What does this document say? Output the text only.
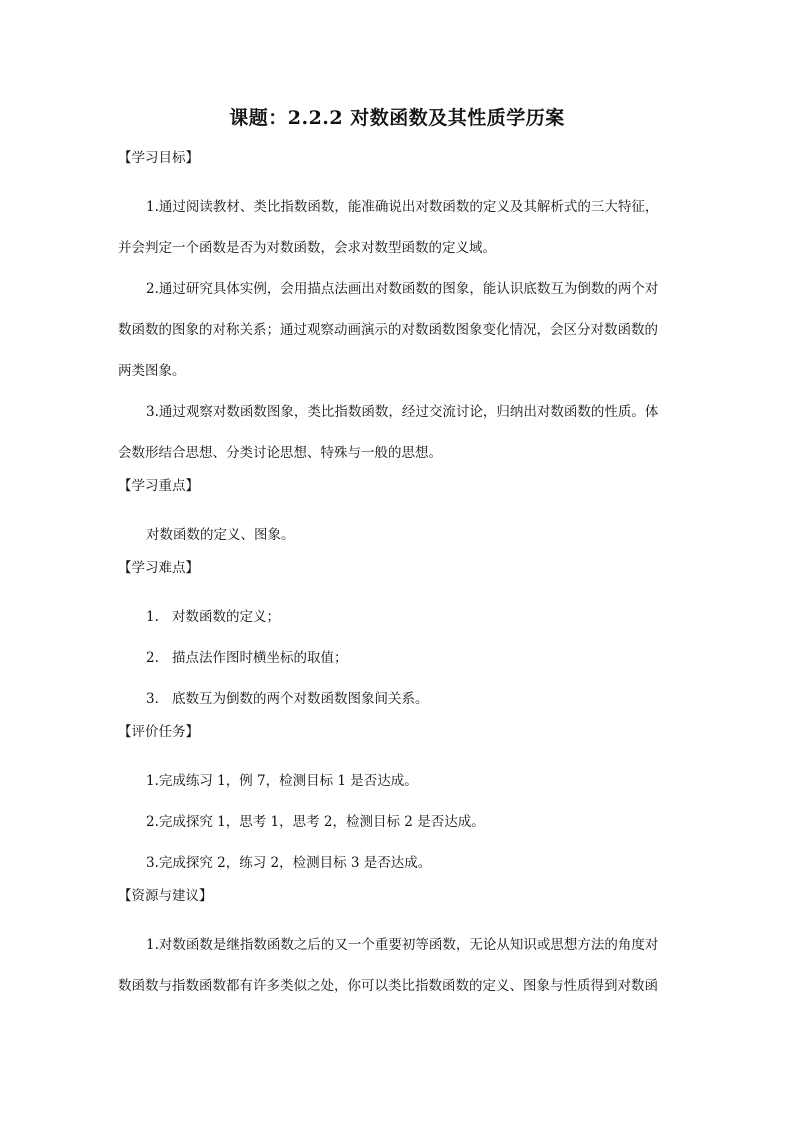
课题：2.2.2 对数函数及其性质学历案
【学习目标】
1.通过阅读教材、类比指数函数，能准确说出对数函数的定义及其解析式的三大特征，
并会判定一个函数是否为对数函数，会求对数型函数的定义域。
2.通过研究具体实例，会用描点法画出对数函数的图象，能认识底数互为倒数的两个对
数函数的图象的对称关系；通过观察动画演示的对数函数图象变化情况，会区分对数函数的
两类图象。
3.通过观察对数函数图象，类比指数函数，经过交流讨论，归纳出对数函数的性质。体
会数形结合思想、分类讨论思想、特殊与一般的思想。
【学习重点】
对数函数的定义、图象。
【学习难点】
1. 对数函数的定义；
2. 描点法作图时横坐标的取值；
3. 底数互为倒数的两个对数函数图象间关系。
【评价任务】
1.完成练习 1，例 7，检测目标 1 是否达成。
2.完成探究 1，思考 1，思考 2，检测目标 2 是否达成。
3.完成探究 2，练习 2，检测目标 3 是否达成。
【资源与建议】
1.对数函数是继指数函数之后的又一个重要初等函数，无论从知识或思想方法的角度对
数函数与指数函数都有许多类似之处，你可以类比指数函数的定义、图象与性质得到对数函
